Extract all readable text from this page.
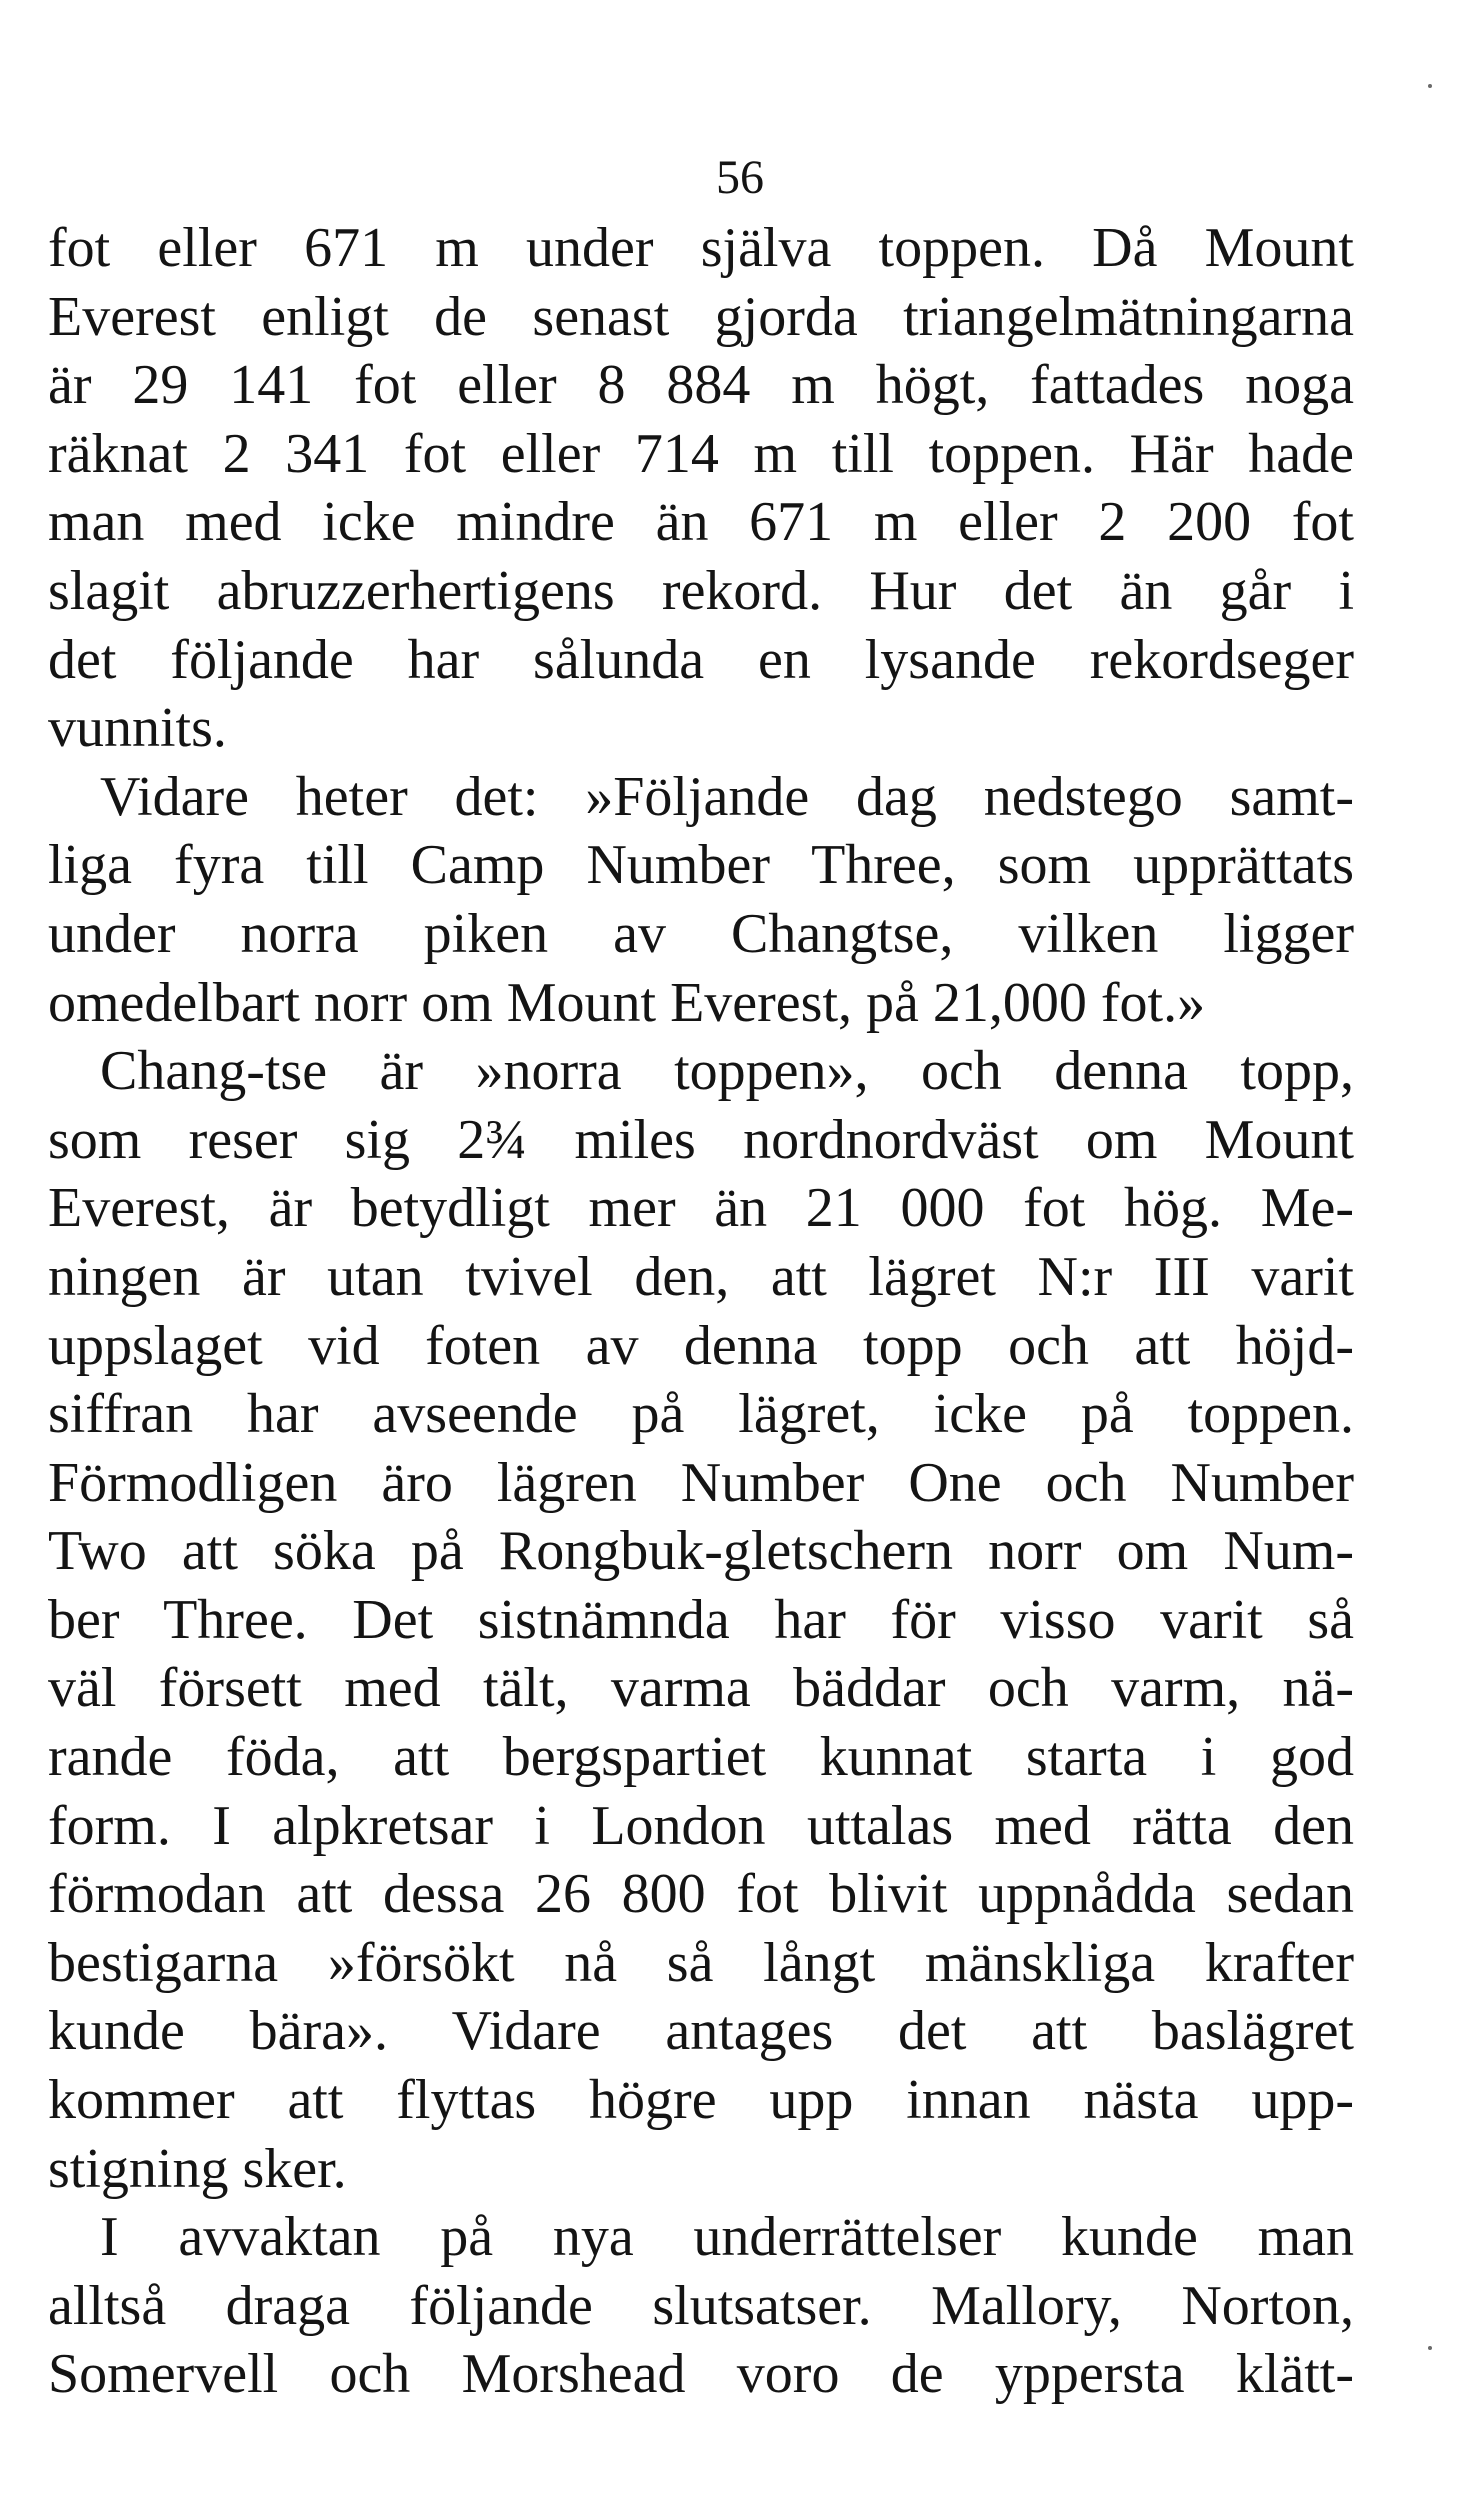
56
fot eller 671 m under själva toppen. Då Mount
Everest enligt de senast gjorda triangelmätningarna
är 29 141 fot eller 8 884 m högt, fattades noga
räknat 2 341 fot eller 714 m till toppen. Här hade
man med icke mindre än 671 m eller 2 200 fot
slagit abruzzerhertigens rekord. Hur det än går i
det följande har sålunda en lysande rekordseger
vunnits.
Vidare heter det: »Följande dag nedstego samt-
liga fyra till Camp Number Three, som upprättats
under norra piken av Changtse, vilken ligger
omedelbart norr om Mount Everest, på 21,000 fot.»
Chang-tse är »norra toppen», och denna topp,
som reser sig 2¾ miles nordnordväst om Mount
Everest, är betydligt mer än 21 000 fot hög. Me-
ningen är utan tvivel den, att lägret N:r III varit
uppslaget vid foten av denna topp och att höjd-
siffran har avseende på lägret, icke på toppen.
Förmodligen äro lägren Number One och Number
Two att söka på Rongbuk-gletschern norr om Num-
ber Three. Det sistnämnda har för visso varit så
väl försett med tält, varma bäddar och varm, nä-
rande föda, att bergspartiet kunnat starta i god
form. I alpkretsar i London uttalas med rätta den
förmodan att dessa 26 800 fot blivit uppnådda sedan
bestigarna »försökt nå så långt mänskliga krafter
kunde bära». Vidare antages det att baslägret
kommer att flyttas högre upp innan nästa upp-
stigning sker.
I avvaktan på nya underrättelser kunde man
alltså draga följande slutsatser. Mallory, Norton,
Somervell och Morshead voro de yppersta klätt-
